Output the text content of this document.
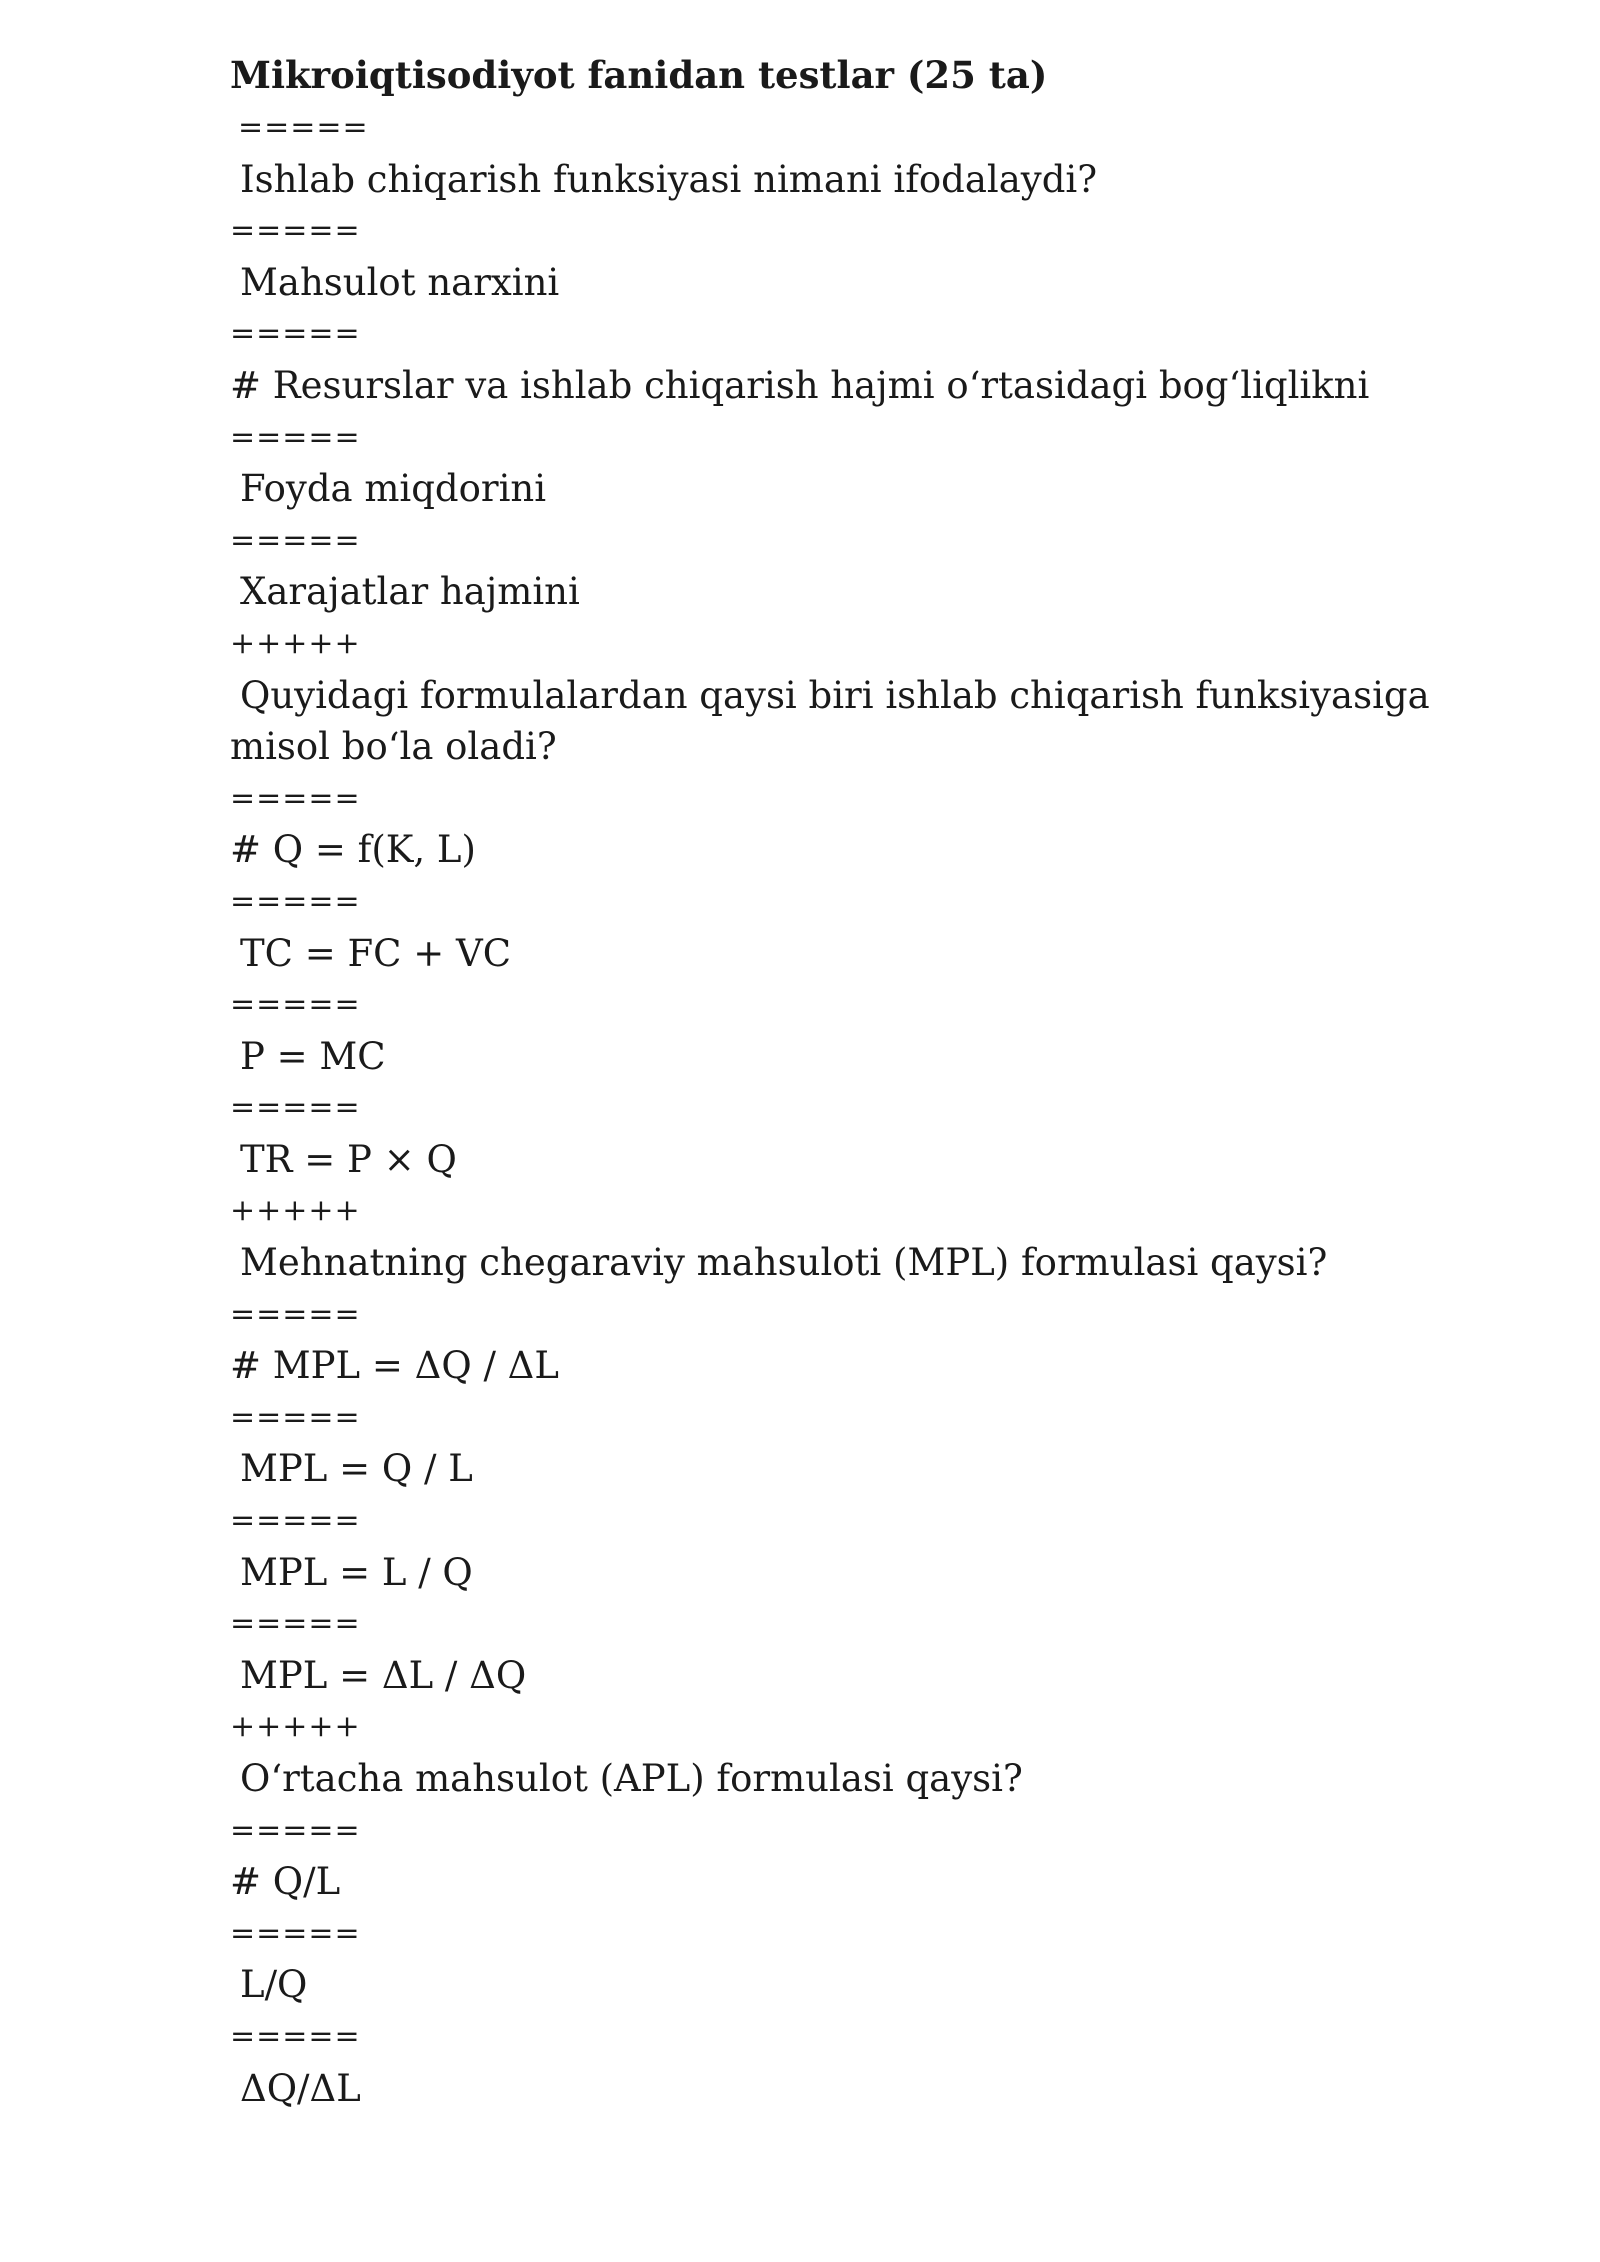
Mikroiqtisodiyot fanidan testlar (25 ta)
=====
Ishlab chiqarish funksiyasi nimani ifodalaydi?
=====
Mahsulot narxini
=====
# Resurslar va ishlab chiqarish hajmi oʻrtasidagi bogʻliqlikni
=====
Foyda miqdorini
=====
Xarajatlar hajmini
+++++
Quyidagi formulalardan qaysi biri ishlab chiqarish funksiyasiga
misol boʻla oladi?
=====
# Q = f(K, L)
=====
TC = FC + VC
=====
P = MC
=====
TR = P × Q
+++++
Mehnatning chegaraviy mahsuloti (MPL) formulasi qaysi?
=====
# MPL = ΔQ / ΔL
=====
MPL = Q / L
=====
MPL = L / Q
=====
MPL = ΔL / ΔQ
+++++
Oʻrtacha mahsulot (APL) formulasi qaysi?
=====
# Q/L
=====
L/Q
=====
ΔQ/ΔL
